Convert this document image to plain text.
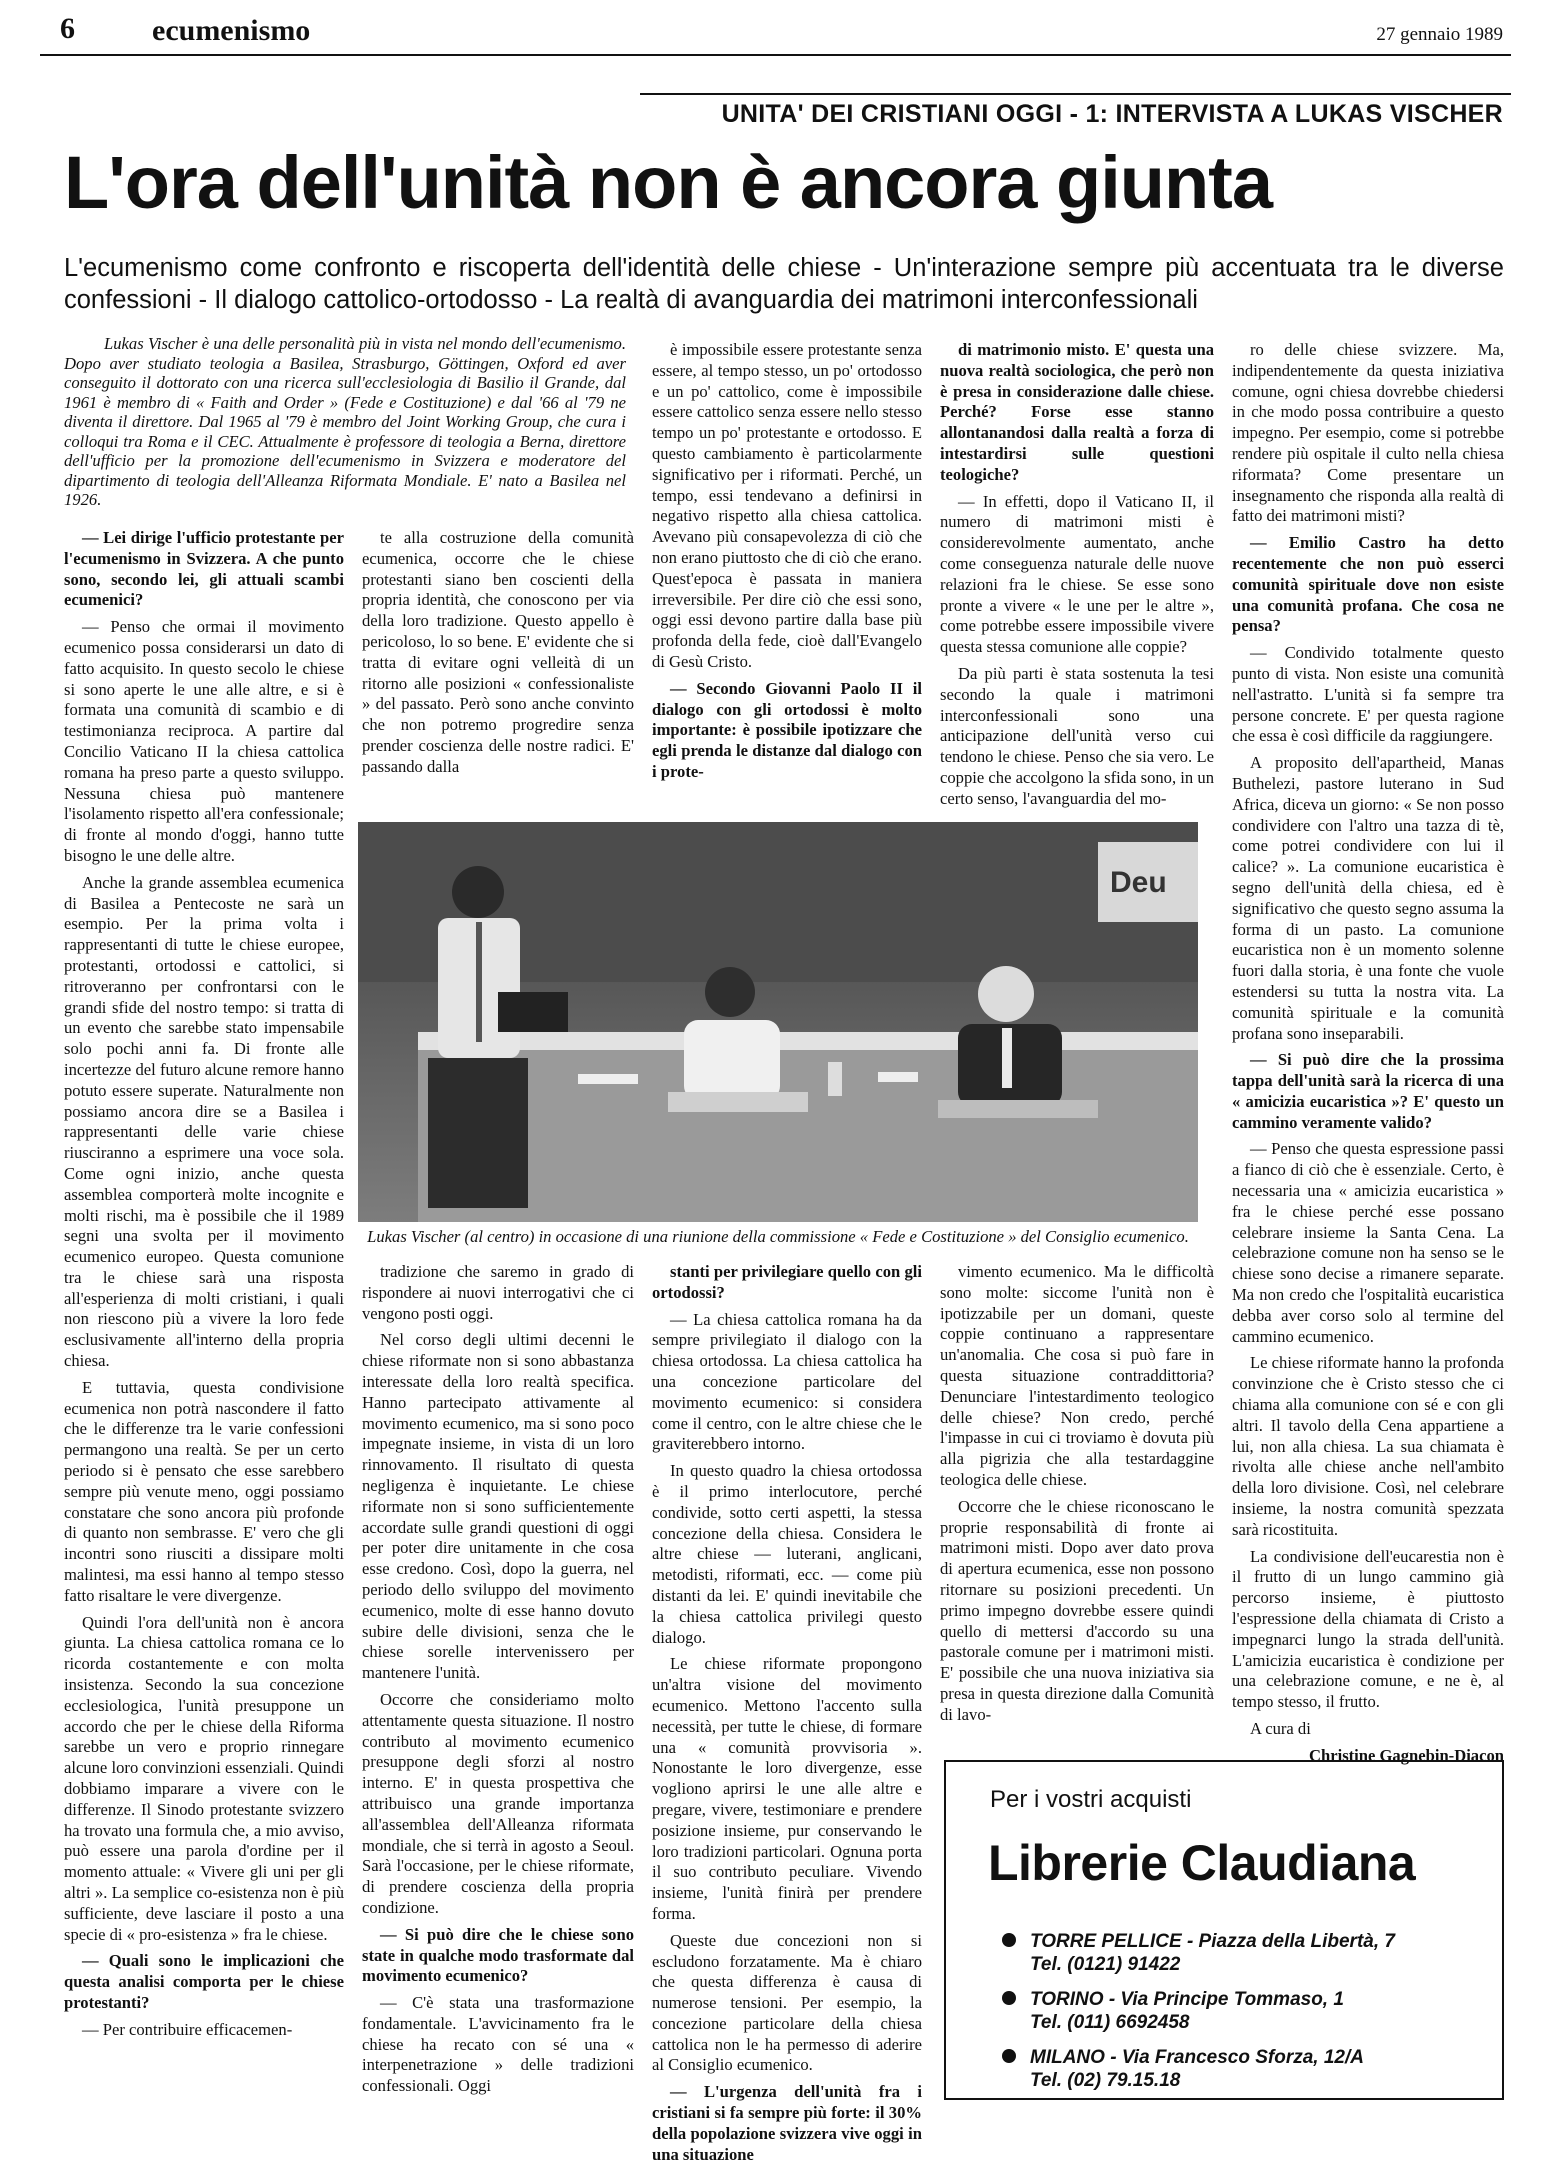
6	ecumenismo	27 gennaio 1989
UNITA' DEI CRISTIANI OGGI - 1: INTERVISTA A LUKAS VISCHER
L'ora dell'unità non è ancora giunta
L'ecumenismo come confronto e riscoperta dell'identità delle chiese - Un'interazione sempre più accentuata tra le diverse confessioni - Il dialogo cattolico-ortodosso - La realtà di avanguardia dei matrimoni interconfessionali

Lukas Vischer è una delle personalità più in vista nel mondo dell'ecumenismo. Dopo aver studiato teologia a Basilea, Strasburgo, Göttingen, Oxford ed aver conseguito il dottorato con una ricerca sull'ecclesiologia di Basilio il Grande, dal 1961 è membro di « Faith and Order » (Fede e Costituzione) e dal '66 al '79 ne diventa il direttore. Dal 1965 al '79 è membro del Joint Working Group, che cura i colloqui tra Roma e il CEC. Attualmente è professore di teologia a Berna, direttore dell'ufficio per la promozione dell'ecumenismo in Svizzera e moderatore del dipartimento di teologia dell'Alleanza Riformata Mondiale. E' nato a Basilea nel 1926.

— Lei dirige l'ufficio protestante per l'ecumenismo in Svizzera. A che punto sono, secondo lei, gli attuali scambi ecumenici?

— Penso che ormai il movimento ecumenico possa considerarsi un dato di fatto acquisito. In questo secolo le chiese si sono aperte le une alle altre, e si è formata una comunità di scambio e di testimonianza reciproca. A partire dal Concilio Vaticano II la chiesa cattolica romana ha preso parte a questo sviluppo. Nessuna chiesa può mantenere l'isolamento rispetto all'era confessionale; di fronte al mondo d'oggi, hanno tutte bisogno le une delle altre.

Anche la grande assemblea ecumenica di Basilea a Pentecoste ne sarà un esempio. Per la prima volta i rappresentanti di tutte le chiese europee, protestanti, ortodossi e cattolici, si ritroveranno per confrontarsi con le grandi sfide del nostro tempo: si tratta di un evento che sarebbe stato impensabile solo pochi anni fa. Di fronte alle incertezze del futuro alcune remore hanno potuto essere superate. Naturalmente non possiamo ancora dire se a Basilea i rappresentanti delle varie chiese riusciranno a esprimere una voce sola. Come ogni inizio, anche questa assemblea comporterà molte incognite e molti rischi, ma è possibile che il 1989 segni una svolta per il movimento ecumenico europeo. Questa comunione tra le chiese sarà una risposta all'esperienza di molti cristiani, i quali non riescono più a vivere la loro fede esclusivamente all'interno della propria chiesa.

E tuttavia, questa condivisione ecumenica non potrà nascondere il fatto che le differenze tra le varie confessioni permangono una realtà. Se per un certo periodo si è pensato che esse sarebbero sempre più venute meno, oggi possiamo constatare che sono ancora più profonde di quanto non sembrasse. E' vero che gli incontri sono riusciti a dissipare molti malintesi, ma essi hanno al tempo stesso fatto risaltare le vere divergenze.

Quindi l'ora dell'unità non è ancora giunta. La chiesa cattolica romana ce lo ricorda costantemente e con molta insistenza. Secondo la sua concezione ecclesiologica, l'unità presuppone un accordo che per le chiese della Riforma sarebbe un vero e proprio rinnegare alcune loro convinzioni essenziali. Quindi dobbiamo imparare a vivere con le differenze. Il Sinodo protestante svizzero ha trovato una formula che, a mio avviso, può essere una parola d'ordine per il momento attuale: « Vivere gli uni per gli altri ». La semplice co-esistenza non è più sufficiente, deve lasciare il posto a una specie di « pro-esistenza » fra le chiese.

— Quali sono le implicazioni che questa analisi comporta per le chiese protestanti?

— Per contribuire efficacemen-

te alla costruzione della comunità ecumenica, occorre che le chiese protestanti siano ben coscienti della propria identità, che conoscono per via della loro tradizione. Questo appello è pericoloso, lo so bene. E' evidente che si tratta di evitare ogni velleità di un ritorno alle posizioni « confessionaliste » del passato. Però sono anche convinto che non potremo progredire senza prender coscienza delle nostre radici. E' passando dalla

tradizione che saremo in grado di rispondere ai nuovi interrogativi che ci vengono posti oggi.

Nel corso degli ultimi decenni le chiese riformate non si sono abbastanza interessate della loro realtà specifica. Hanno partecipato attivamente al movimento ecumenico, ma si sono poco impegnate insieme, in vista di un loro rinnovamento. Il risultato di questa negligenza è inquietante. Le chiese riformate non si sono sufficientemente accordate sulle grandi questioni di oggi per poter dire unitamente in che cosa esse credono. Così, dopo la guerra, nel periodo dello sviluppo del movimento ecumenico, molte di esse hanno dovuto subire delle divisioni, senza che le chiese sorelle intervenissero per mantenere l'unità.

Occorre che consideriamo molto attentamente questa situazione. Il nostro contributo al movimento ecumenico presuppone degli sforzi al nostro interno. E' in questa prospettiva che attribuisco una grande importanza all'assemblea dell'Alleanza riformata mondiale, che si terrà in agosto a Seoul. Sarà l'occasione, per le chiese riformate, di prendere coscienza della propria condizione.

— Si può dire che le chiese sono state in qualche modo trasformate dal movimento ecumenico?

— C'è stata una trasformazione fondamentale. L'avvicinamento fra le chiese ha recato con sé una « interpenetrazione » delle tradizioni confessionali. Oggi

è impossibile essere protestante senza essere, al tempo stesso, un po' ortodosso e un po' cattolico, come è impossibile essere cattolico senza essere nello stesso tempo un po' protestante e ortodosso. E questo cambiamento è particolarmente significativo per i riformati. Perché, un tempo, essi tendevano a definirsi in negativo rispetto alla chiesa cattolica. Avevano più consapevolezza di ciò che non erano piuttosto che di ciò che erano. Quest'epoca è passata in maniera irreversibile. Per dire ciò che essi sono, oggi essi devono partire dalla base più profonda della fede, cioè dall'Evangelo di Gesù Cristo.

— Secondo Giovanni Paolo II il dialogo con gli ortodossi è molto importante: è possibile ipotizzare che egli prenda le distanze dal dialogo con i prote-

stanti per privilegiare quello con gli ortodossi?

— La chiesa cattolica romana ha da sempre privilegiato il dialogo con la chiesa ortodossa. La chiesa cattolica ha una concezione particolare del movimento ecumenico: si considera come il centro, con le altre chiese che le graviterebbero intorno.

In questo quadro la chiesa ortodossa è il primo interlocutore, perché condivide, sotto certi aspetti, la stessa concezione della chiesa. Considera le altre chiese — luterani, anglicani, metodisti, riformati, ecc. — come più distanti da lei. E' quindi inevitabile che la chiesa cattolica privilegi questo dialogo.

Le chiese riformate propongono un'altra visione del movimento ecumenico. Mettono l'accento sulla necessità, per tutte le chiese, di formare una « comunità provvisoria ». Nonostante le loro divergenze, esse vogliono aprirsi le une alle altre e pregare, vivere, testimoniare e prendere posizione insieme, pur conservando le loro tradizioni particolari. Ognuna porta il suo contributo peculiare. Vivendo insieme, l'unità finirà per prendere forma.

Queste due concezioni non si escludono forzatamente. Ma è chiaro che questa differenza è causa di numerose tensioni. Per esempio, la concezione particolare della chiesa cattolica non le ha permesso di aderire al Consiglio ecumenico.

— L'urgenza dell'unità fra i cristiani si fa sempre più forte: il 30% della popolazione svizzera vive oggi in una situazione

di matrimonio misto. E' questa una nuova realtà sociologica, che però non è presa in considerazione dalle chiese. Perché? Forse esse stanno allontanandosi dalla realtà a forza di intestardirsi sulle questioni teologiche?

— In effetti, dopo il Vaticano II, il numero di matrimoni misti è considerevolmente aumentato, anche come conseguenza naturale delle nuove relazioni fra le chiese. Se esse sono pronte a vivere « le une per le altre », come potrebbe essere impossibile vivere questa stessa comunione alle coppie?

Da più parti è stata sostenuta la tesi secondo la quale i matrimoni interconfessionali sono una anticipazione dell'unità verso cui tendono le chiese. Penso che sia vero. Le coppie che accolgono la sfida sono, in un certo senso, l'avanguardia del mo-

vimento ecumenico. Ma le difficoltà sono molte: siccome l'unità non è ipotizzabile per un domani, queste coppie continuano a rappresentare un'anomalia. Che cosa si può fare in questa situazione contraddittoria? Denunciare l'intestardimento teologico delle chiese? Non credo, perché l'impasse in cui ci troviamo è dovuta più alla pigrizia che alla testardaggine teologica delle chiese.

Occorre che le chiese riconoscano le proprie responsabilità di fronte ai matrimoni misti. Dopo aver dato prova di apertura ecumenica, esse non possono ritornare su posizioni precedenti. Un primo impegno dovrebbe essere quindi quello di mettersi d'accordo su una pastorale comune per i matrimoni misti. E' possibile che una nuova iniziativa sia presa in questa direzione dalla Comunità di lavo-

ro delle chiese svizzere. Ma, indipendentemente da questa iniziativa comune, ogni chiesa dovrebbe chiedersi in che modo possa contribuire a questo impegno. Per esempio, come si potrebbe rendere più ospitale il culto nella chiesa riformata? Come presentare un insegnamento che risponda alla realtà di fatto dei matrimoni misti?

— Emilio Castro ha detto recentemente che non può esserci comunità spirituale dove non esiste una comunità profana. Che cosa ne pensa?

— Condivido totalmente questo punto di vista. Non esiste una comunità nell'astratto. L'unità si fa sempre tra persone concrete. E' per questa ragione che essa è così difficile da raggiungere.

A proposito dell'apartheid, Manas Buthelezi, pastore luterano in Sud Africa, diceva un giorno: « Se non posso condividere con l'altro una tazza di tè, come potrei condividere con lui il calice? ». La comunione eucaristica è segno dell'unità della chiesa, ed è significativo che questo segno assuma la forma di un pasto. La comunione eucaristica non è un momento solenne fuori dalla storia, è una fonte che vuole estendersi su tutta la nostra vita. La comunità spirituale e la comunità profana sono inseparabili.

— Si può dire che la prossima tappa dell'unità sarà la ricerca di una « amicizia eucaristica »? E' questo un cammino veramente valido?

— Penso che questa espressione passi a fianco di ciò che è essenziale. Certo, è necessaria una « amicizia eucaristica » fra le chiese perché esse possano celebrare insieme la Santa Cena. La celebrazione comune non ha senso se le chiese sono decise a rimanere separate. Ma non credo che l'ospitalità eucaristica debba aver corso solo al termine del cammino ecumenico.

Le chiese riformate hanno la profonda convinzione che è Cristo stesso che ci chiama alla comunione con sé e con gli altri. Il tavolo della Cena appartiene a lui, non alla chiesa. La sua chiamata è rivolta alle chiese anche nell'ambito della loro divisione. Così, nel celebrare insieme, la nostra comunità spezzata sarà ricostituita.

La condivisione dell'eucarestia non è il frutto di un lungo cammino già percorso insieme, è piuttosto l'espressione della chiamata di Cristo a impegnarci lungo la strada dell'unità. L'amicizia eucaristica è condizione per una celebrazione comune, e ne è, al tempo stesso, il frutto.

A cura di

Christine Gagnebin-Diacon

Deu
Lukas Vischer (al centro) in occasione di una riunione della commissione « Fede e Costituzione » del Consiglio ecumenico.
Per i vostri acquisti
Librerie Claudiana
TORRE PELLICE - Piazza della Libertà, 7
Tel. (0121) 91422
TORINO - Via Principe Tommaso, 1
Tel. (011) 6692458
MILANO - Via Francesco Sforza, 12/A
Tel. (02) 79.15.18
